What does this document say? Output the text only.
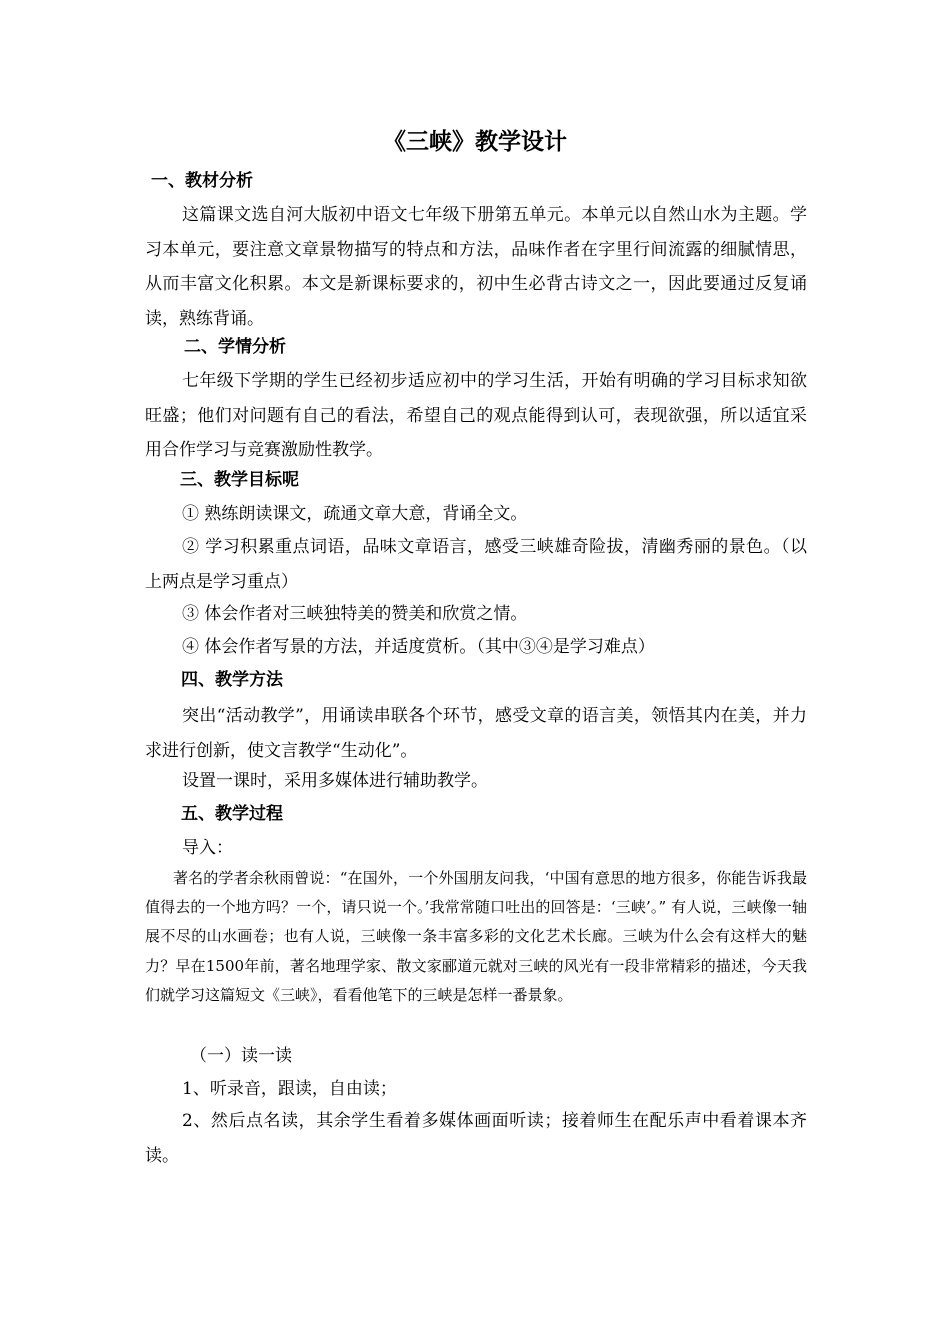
《三峡》教学设计
一、教材分析
这篇课文选自河大版初中语文七年级下册第五单元。本单元以自然山水为主题。学习本单元，要注意文章景物描写的特点和方法，品味作者在字里行间流露的细腻情思，从而丰富文化积累。本文是新课标要求的，初中生必背古诗文之一，因此要通过反复诵读，熟练背诵。
二、学情分析
七年级下学期的学生已经初步适应初中的学习生活，开始有明确的学习目标求知欲旺盛；他们对问题有自己的看法，希望自己的观点能得到认可，表现欲强，所以适宜采用合作学习与竞赛激励性教学。
三、教学目标呢
① 熟练朗读课文，疏通文章大意，背诵全文。
② 学习积累重点词语，品味文章语言，感受三峡雄奇险拔，清幽秀丽的景色。（以上两点是学习重点）
③ 体会作者对三峡独特美的赞美和欣赏之情。
④ 体会作者写景的方法，并适度赏析。（其中③④是学习难点）
四、教学方法
突出“活动教学”，用诵读串联各个环节，感受文章的语言美，领悟其内在美，并力求进行创新，使文言教学“生动化”。
设置一课时，采用多媒体进行辅助教学。
五、教学过程
导入：
著名的学者余秋雨曾说：“在国外，一个外国朋友问我，‘中国有意思的地方很多，你能告诉我最值得去的一个地方吗？一个，请只说一个。’我常常随口吐出的回答是：‘三峡’。” 有人说，三峡像一轴展不尽的山水画卷；也有人说，三峡像一条丰富多彩的文化艺术长廊。三峡为什么会有这样大的魅力？早在1500年前，著名地理学家、散文家郦道元就对三峡的风光有一段非常精彩的描述，今天我们就学习这篇短文《三峡》，看看他笔下的三峡是怎样一番景象。
（一）读一读
1、听录音，跟读，自由读；
2、然后点名读，其余学生看着多媒体画面听读；接着师生在配乐声中看着课本齐读。
